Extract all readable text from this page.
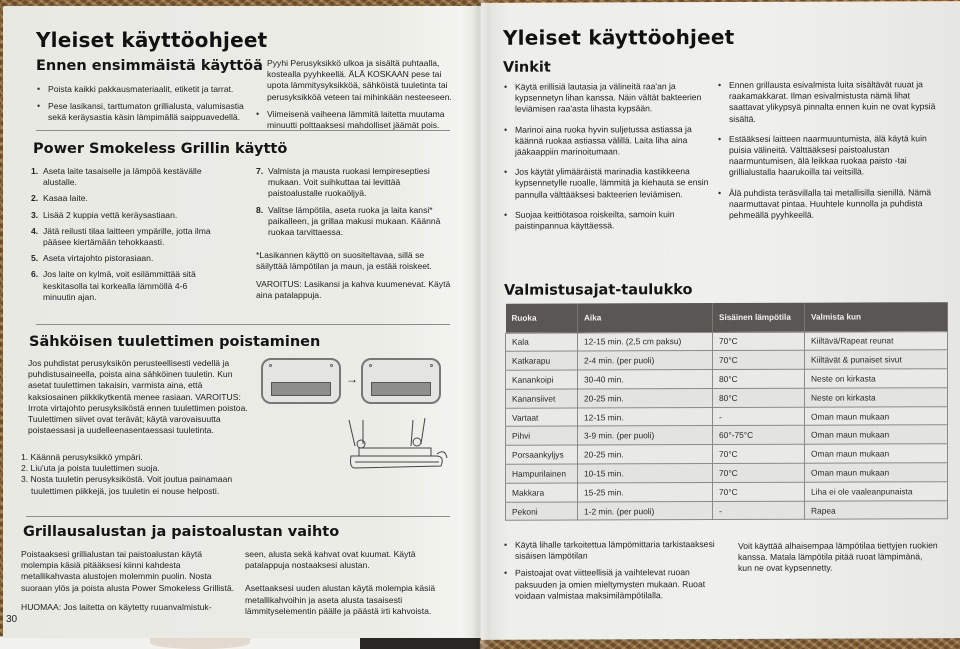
Yleiset käyttöohjeet
Ennen ensimmäistä käyttöä
• Poista kaikki pakkausmateriaalit, etiketit ja tarrat.
• Pese lasikansi, tarttumaton grillialusta, valumisastia sekä keräysastia käsin lämpimällä saippuavedellä.
• Pyyhi Perusyksikkö ulkoa ja sisältä puhtaalla, kostealla pyyhkeellä. ÄLÄ KOSKAAN pese tai upota lämmitysyksikköä, sähköistä tuuletinta tai perusyksikköä veteen tai mihinkään nesteeseen.
• Viimeisenä vaiheena lämmitä laitetta muutama minuutti polttaaksesi mahdolliset jäämät pois.
Power Smokeless Grillin käyttö
1. Aseta laite tasaiselle ja lämpöä kestävälle alustalle.
2. Kasaa laite.
3. Lisää 2 kuppia vettä keräysastiaan.
4. Jätä reilusti tilaa laitteen ympärille, jotta ilma pääsee kiertämään tehokkaasti.
5. Aseta virtajohto pistorasiaan.
6. Jos laite on kylmä, voit esilämmittää sitä keskitasolla tai korkealla lämmöllä 4-6 minuutin ajan.
7. Valmista ja mausta ruokasi lempireseptiesi mukaan. Voit suihkuttaa tai levittää paistoalustalle ruokaöljyä.
8. Valitse lämpötila, aseta ruoka ja laita kansi* paikalleen, ja grillaa makusi mukaan. Käännä ruokaa tarvittaessa.
*Lasikannen käyttö on suositeltavaa, sillä se säilyttää lämpötilan ja maun, ja estää roiskeet.
VAROITUS: Lasikansi ja kahva kuumenevat. Käytä aina patalappuja.
Sähköisen tuulettimen poistaminen
Jos puhdistat perusyksikön perusteellisesti vedellä ja puhdistusaineella, poista aina sähköinen tuuletin. Kun asetat tuulettimen takaisin, varmista aina, että kaksiosainen piikkikytkentä menee rasiaan. VAROITUS: Irrota virtajohto perusyksiköstä ennen tuulettimen poistoa. Tuulettimen siivet ovat terävät; käytä varovaisuutta poistaessasi ja uudelleenasentaessasi tuuletinta.
1. Käännä perusyksikkö ympäri.
2. Liu'uta ja poista tuulettimen suoja.
3. Nosta tuuletin perusyksiköstä. Voit joutua painamaan tuulettimen piikkejä, jos tuuletin ei nouse helposti.
→
Grillausalustan ja paistoalustan vaihto
Poistaaksesi grillialustan tai paistoalustan käytä molempia käsiä pitääksesi kiinni kahdesta metallikahvasta alustojen molemmin puolin. Nosta suoraan ylös ja poista alusta Power Smokeless Grillistä.
HUOMAA: Jos laitetta on käytetty ruuanvalmistuk-
seen, alusta sekä kahvat ovat kuumat. Käytä patalappuja nostaaksesi alustan.
Asettaaksesi uuden alustan käytä molempia käsiä metallikahvoihin ja aseta alusta tasaisesti lämmityselementin päälle ja päästä irti kahvoista.
30
Yleiset käyttöohjeet
Vinkit
• Käytä erillisiä lautasia ja välineitä raa'an ja kypsennetyn lihan kanssa. Näin vältät bakteerien leviämisen raa'asta lihasta kypsään.
• Marinoi aina ruoka hyvin suljetussa astiassa ja käännä ruokaa astiassa välillä. Laita liha aina jääkaappiin marinoitumaan.
• Jos käytät ylimääräistä marinadia kastikkeena kypsennetylle ruoalle, lämmitä ja kiehauta se ensin pannulla välttääksesi bakteerien leviämisen.
• Suojaa keittiötasoa roiskeilta, samoin kuin paistinpannua käyttäessä.
• Ennen grillausta esivalmista luita sisältävät ruuat ja raakamakkarat. Ilman esivalmistusta nämä lihat saattavat ylikypsyä pinnalta ennen kuin ne ovat kypsiä sisältä.
• Estääksesi laitteen naarmuuntumista, älä käytä kuin puisia välineitä. Välttääksesi paistoalustan naarmuntumisen, älä leikkaa ruokaa paisto -tai grillialustalla haarukoilla tai veitsillä.
• Älä puhdista teräsvillalla tai metallisilla sienillä. Nämä naarmuttavat pintaa. Huuhtele kunnolla ja puhdista pehmeällä pyyhkeellä.
Valmistusajat-taulukko
Ruoka	Aika	Sisäinen lämpötila	Valmista kun
Kala	12-15 min. (2,5 cm paksu)	70°C	Kiiltävä/Rapeat reunat
Katkarapu	2-4 min. (per puoli)	70°C	Kiiltävät & punaiset sivut
Kanankoipi	30-40 min.	80°C	Neste on kirkasta
Kanansiivet	20-25 min.	80°C	Neste on kirkasta
Vartaat	12-15 min.	-	Oman maun mukaan
Pihvi	3-9 min. (per puoli)	60°-75°C	Oman maun mukaan
Porsaankyljys	20-25 min.	70°C	Oman maun mukaan
Hampurilainen	10-15 min.	70°C	Oman maun mukaan
Makkara	15-25 min.	70°C	Liha ei ole vaaleanpunaista
Pekoni	1-2 min. (per puoli)	-	Rapea
• Käytä lihalle tarkoitettua lämpömittaria tarkistaaksesi sisäisen lämpötilan
• Paistoajat ovat viitteellisiä ja vaihtelevat ruoan paksuuden ja omien mieltymysten mukaan. Ruoat voidaan valmistaa maksimilämpötilalla.
Voit käyttää alhaisempaa lämpötilaa tiettyjen ruokien kanssa. Matala lämpötila pitää ruoat lämpimänä, kun ne ovat kypsennetty.
